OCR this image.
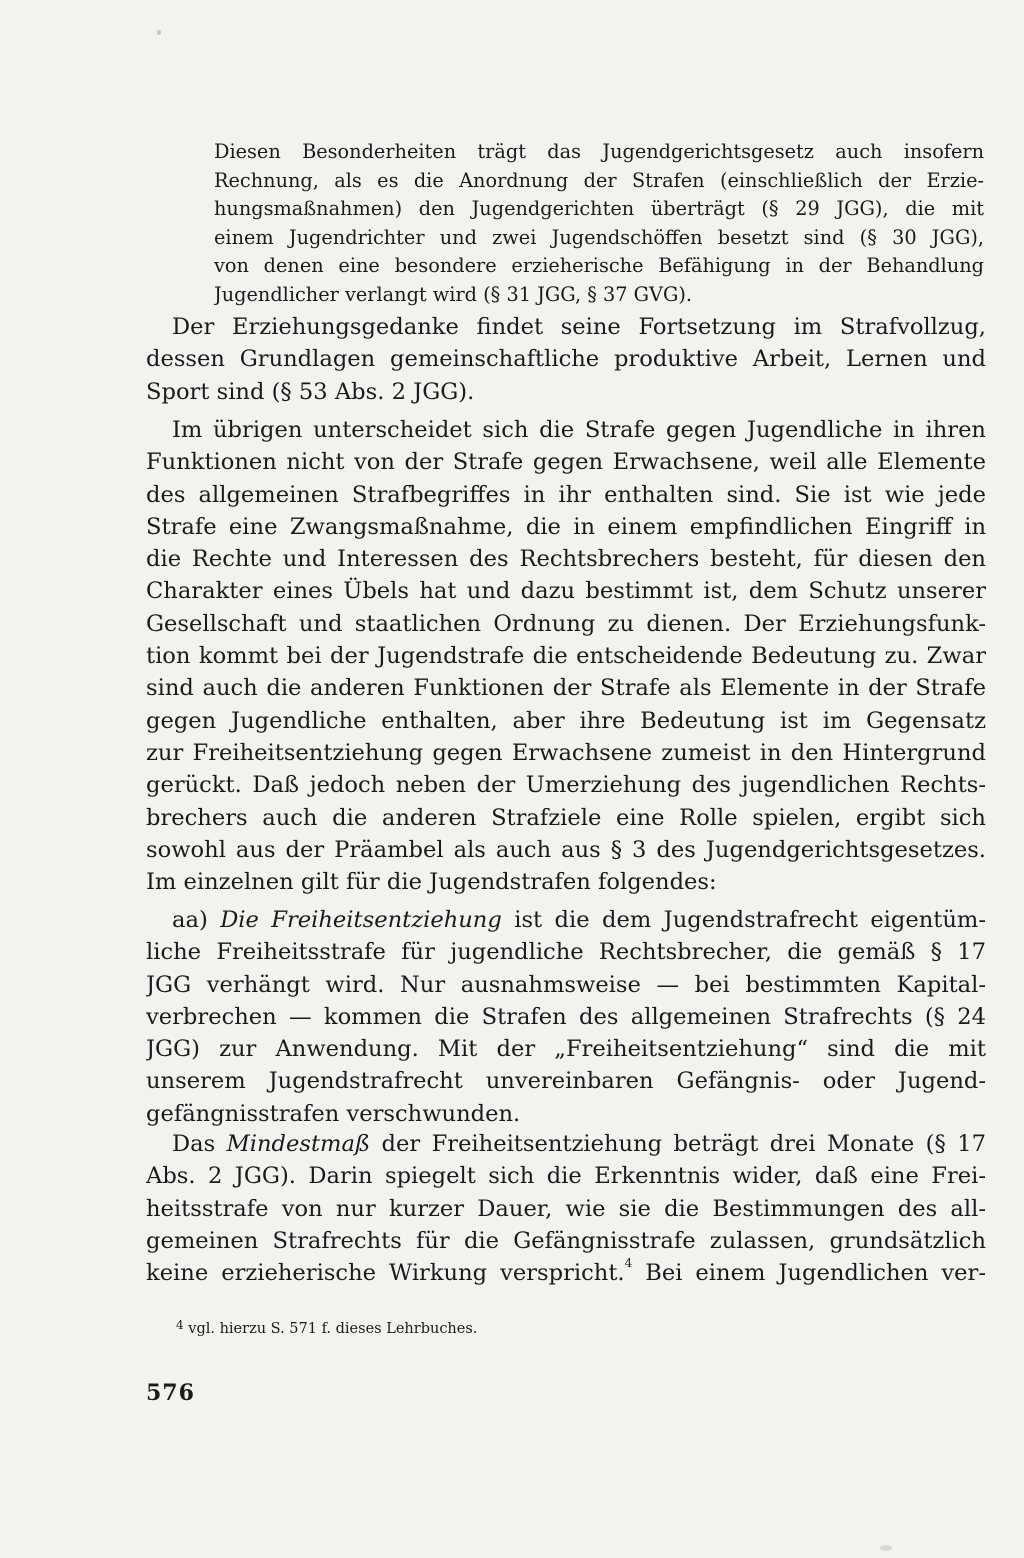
Diesen Besonderheiten trägt das Jugendgerichtsgesetz auch insofern
Rechnung, als es die Anordnung der Strafen (einschließlich der Erzie-
hungsmaßnahmen) den Jugendgerichten überträgt (§ 29 JGG), die mit
einem Jugendrichter und zwei Jugendschöffen besetzt sind (§ 30 JGG),
von denen eine besondere erzieherische Befähigung in der Behandlung
Jugendlicher verlangt wird (§ 31 JGG, § 37 GVG).
Der Erziehungsgedanke findet seine Fortsetzung im Strafvollzug,
dessen Grundlagen gemeinschaftliche produktive Arbeit, Lernen und
Sport sind (§ 53 Abs. 2 JGG).
Im übrigen unterscheidet sich die Strafe gegen Jugendliche in ihren
Funktionen nicht von der Strafe gegen Erwachsene, weil alle Elemente
des allgemeinen Strafbegriffes in ihr enthalten sind. Sie ist wie jede
Strafe eine Zwangsmaßnahme, die in einem empfindlichen Eingriff in
die Rechte und Interessen des Rechtsbrechers besteht, für diesen den
Charakter eines Übels hat und dazu bestimmt ist, dem Schutz unserer
Gesellschaft und staatlichen Ordnung zu dienen. Der Erziehungsfunk-
tion kommt bei der Jugendstrafe die entscheidende Bedeutung zu. Zwar
sind auch die anderen Funktionen der Strafe als Elemente in der Strafe
gegen Jugendliche enthalten, aber ihre Bedeutung ist im Gegensatz
zur Freiheitsentziehung gegen Erwachsene zumeist in den Hintergrund
gerückt. Daß jedoch neben der Umerziehung des jugendlichen Rechts-
brechers auch die anderen Strafziele eine Rolle spielen, ergibt sich
sowohl aus der Präambel als auch aus § 3 des Jugendgerichtsgesetzes.
Im einzelnen gilt für die Jugendstrafen folgendes:
aa) Die Freiheitsentziehung ist die dem Jugendstrafrecht eigentüm-
liche Freiheitsstrafe für jugendliche Rechtsbrecher, die gemäß § 17
JGG verhängt wird. Nur ausnahmsweise — bei bestimmten Kapital-
verbrechen — kommen die Strafen des allgemeinen Strafrechts (§ 24
JGG) zur Anwendung. Mit der „Freiheitsentziehung“ sind die mit
unserem Jugendstrafrecht unvereinbaren Gefängnis- oder Jugend-
gefängnisstrafen verschwunden.
Das Mindestmaß der Freiheitsentziehung beträgt drei Monate (§ 17
Abs. 2 JGG). Darin spiegelt sich die Erkenntnis wider, daß eine Frei-
heitsstrafe von nur kurzer Dauer, wie sie die Bestimmungen des all-
gemeinen Strafrechts für die Gefängnisstrafe zulassen, grundsätzlich
keine erzieherische Wirkung verspricht.$^4$ Bei einem Jugendlichen ver-
$^4$ vgl. hierzu S. 571 f. dieses Lehrbuches.
576
